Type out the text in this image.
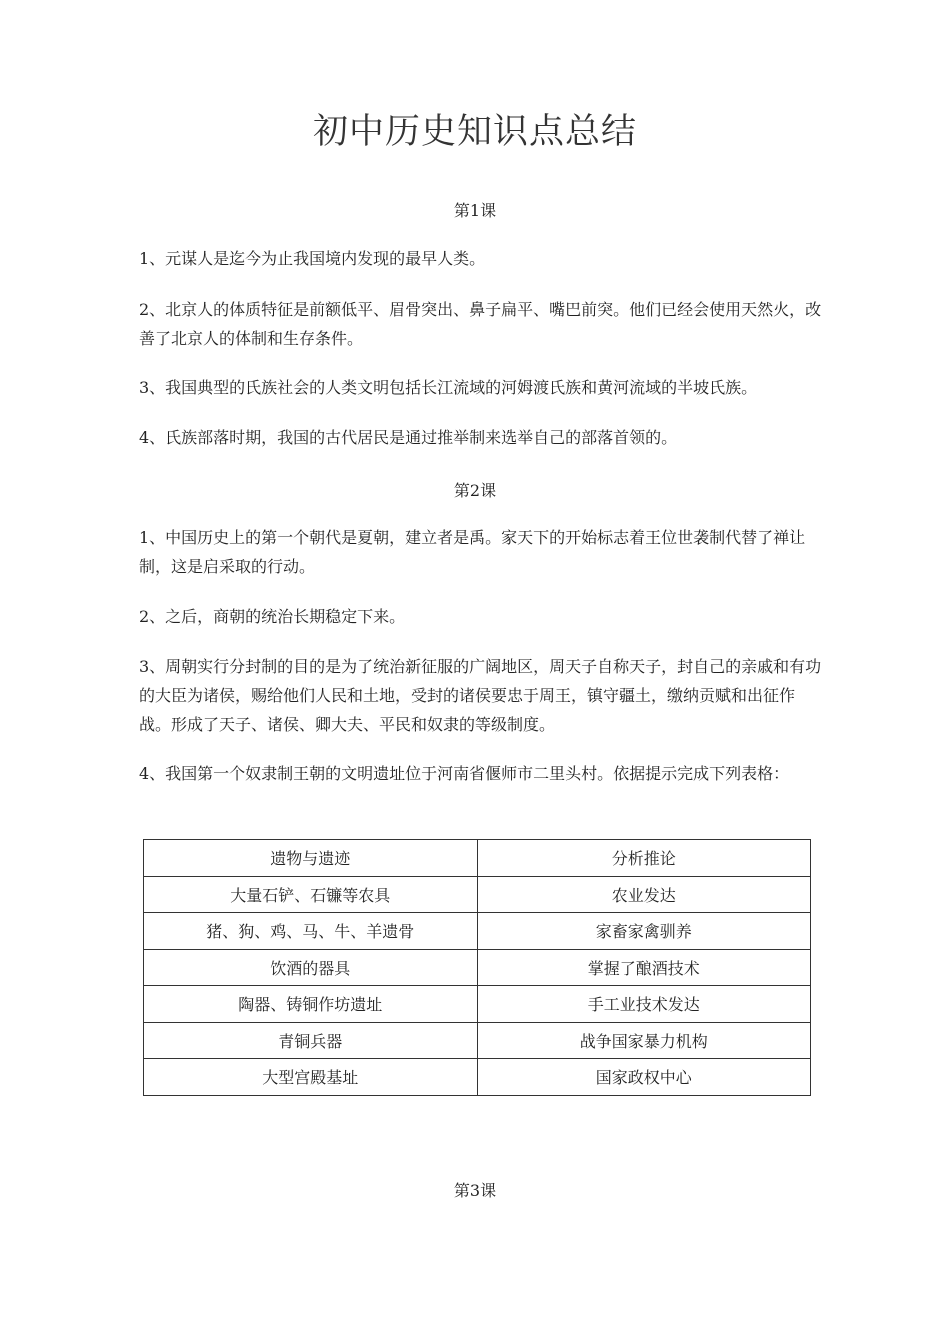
初中历史知识点总结
第1课
1、元谋人是迄今为止我国境内发现的最早人类。
2、北京人的体质特征是前额低平、眉骨突出、鼻子扁平、嘴巴前突。他们已经会使用天然火，改善了北京人的体制和生存条件。
3、我国典型的氏族社会的人类文明包括长江流域的河姆渡氏族和黄河流域的半坡氏族。
4、氏族部落时期，我国的古代居民是通过推举制来选举自己的部落首领的。
第2课
1、中国历史上的第一个朝代是夏朝，建立者是禹。家天下的开始标志着王位世袭制代替了禅让制，这是启采取的行动。
2、之后，商朝的统治长期稳定下来。
3、周朝实行分封制的目的是为了统治新征服的广阔地区，周天子自称天子，封自己的亲戚和有功的大臣为诸侯，赐给他们人民和土地，受封的诸侯要忠于周王，镇守疆土，缴纳贡赋和出征作战。形成了天子、诸侯、卿大夫、平民和奴隶的等级制度。
4、我国第一个奴隶制王朝的文明遗址位于河南省偃师市二里头村。依据提示完成下列表格：
遗物与遗迹	分析推论
大量石铲、石镰等农具	农业发达
猪、狗、鸡、马、牛、羊遗骨	家畜家禽驯养
饮酒的器具	掌握了酿酒技术
陶器、铸铜作坊遗址	手工业技术发达
青铜兵器	战争国家暴力机构
大型宫殿基址	国家政权中心
第3课
